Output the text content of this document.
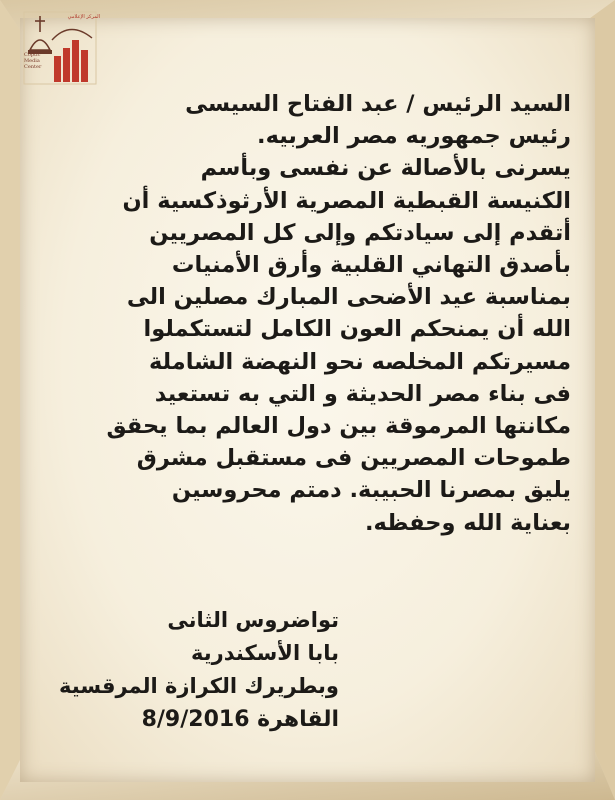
المركز الإعلامي
Coptic
Media
Center
السيد الرئيس / عبد الفتاح السيسى
رئيس جمهوريه مصر العربيه.
يسرنى بالأصالة عن نفسى وبأسم
الكنيسة القبطية المصرية الأرثوذكسية أن
أتقدم إلى سيادتكم وإلى كل المصريين
بأصدق التهاني القلبية وأرق الأمنيات
بمناسبة عيد الأضحى المبارك مصلين الى
الله أن يمنحكم العون الكامل لتستكملوا
مسيرتكم المخلصه نحو النهضة الشاملة
فى بناء مصر الحديثة و التي به تستعيد
مكانتها المرموقة بين دول العالم بما يحقق
طموحات المصريين فى مستقبل مشرق
يليق بمصرنا الحبيبة. دمتم محروسين
بعناية الله وحفظه.
تواضروس الثانى
بابا الأسكندرية
وبطريرك الكرازة المرقسية
القاهرة 8/9/2016
